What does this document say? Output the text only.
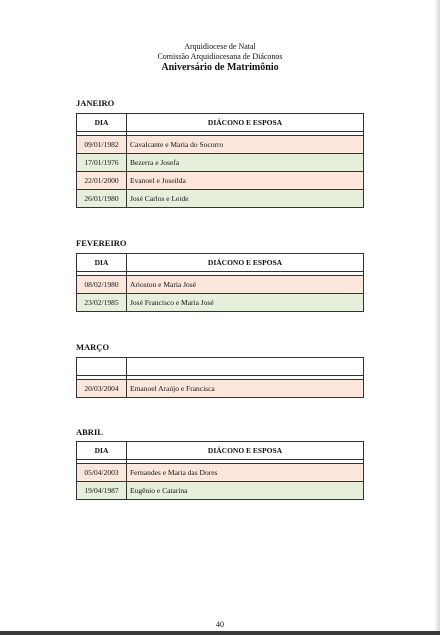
Arquidiocese de Natal
Comissão Arquidiocesana de Diáconos
Aniversário de Matrimônio
JANEIRO
DIA	DIÁCONO E ESPOSA

09/01/1982	Cavalcante e Maria do Socorro
17/01/1976	Bezerra e Josefa
22/01/2000	Evanoel e Joseilda
26/01/1980	José Carlos e Leide
FEVEREIRO
DIA	DIÁCONO E ESPOSA

08/02/1980	Arioston e Maria José
23/02/1985	José Francisco e Maria José
MARÇO

20/03/2004	Emanoel Araújo e Francisca
ABRIL
DIA	DIÁCONO E ESPOSA

05/04/2003	Fernandes e Maria das Dores
19/04/1987	Eugênio e Catarina
40
